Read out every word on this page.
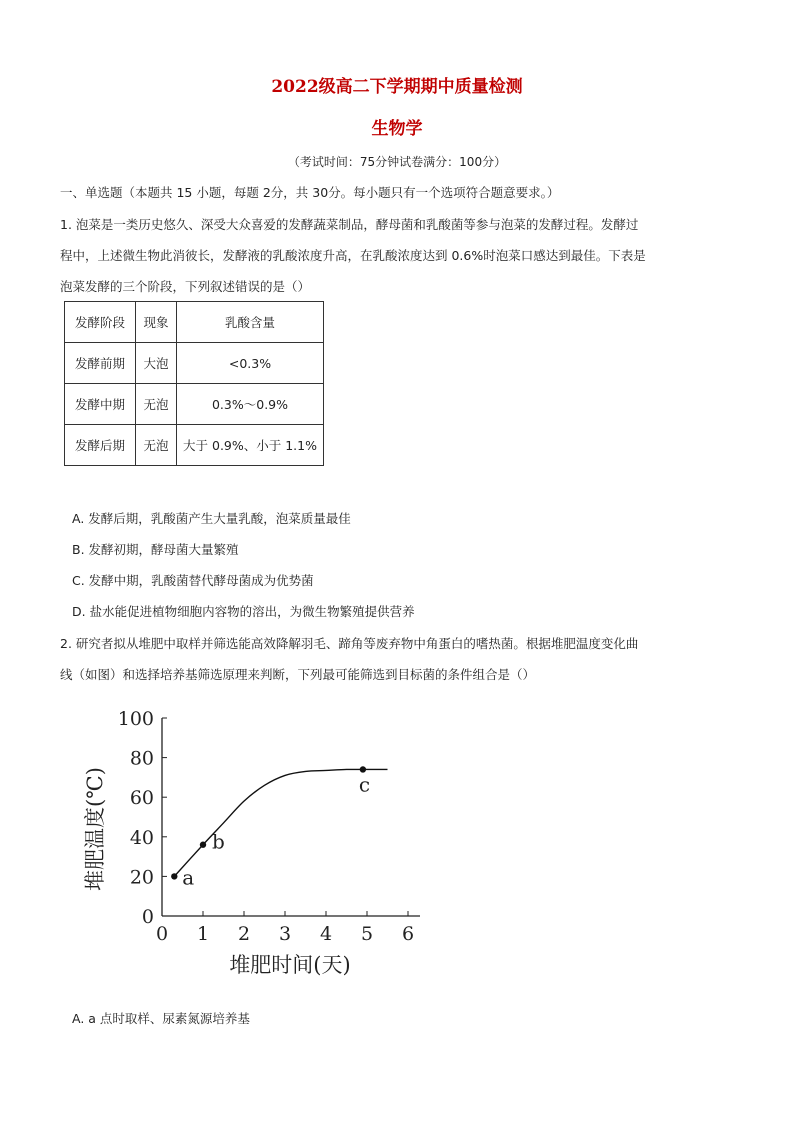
2022级高二下学期期中质量检测
生物学
（考试时间：75分钟试卷满分：100分）
一、单选题（本题共 15 小题，每题 2分，共 30分。每小题只有一个选项符合题意要求。）
1. 泡菜是一类历史悠久、深受大众喜爱的发酵蔬菜制品，酵母菌和乳酸菌等参与泡菜的发酵过程。发酵过
程中，上述微生物此消彼长，发酵液的乳酸浓度升高，在乳酸浓度达到 0.6%时泡菜口感达到最佳。下表是
泡菜发酵的三个阶段，下列叙述错误的是（）
发酵阶段	现象	乳酸含量
发酵前期	大泡	<0.3%
发酵中期	无泡	0.3%～0.9%
发酵后期	无泡	大于 0.9%、小于 1.1%
A. 发酵后期，乳酸菌产生大量乳酸，泡菜质量最佳
B. 发酵初期，酵母菌大量繁殖
C. 发酵中期，乳酸菌替代酵母菌成为优势菌
D. 盐水能促进植物细胞内容物的溶出，为微生物繁殖提供营养
2. 研究者拟从堆肥中取样并筛选能高效降解羽毛、蹄角等废弃物中角蛋白的嗜热菌。根据堆肥温度变化曲
线（如图）和选择培养基筛选原理来判断，下列最可能筛选到目标菌的条件组合是（）
0 1 2 3 4 5 6
0
20
40
60
80
100
堆肥时间(天)
堆肥温度(℃)	a
b
c
A. a 点时取样、尿素氮源培养基
